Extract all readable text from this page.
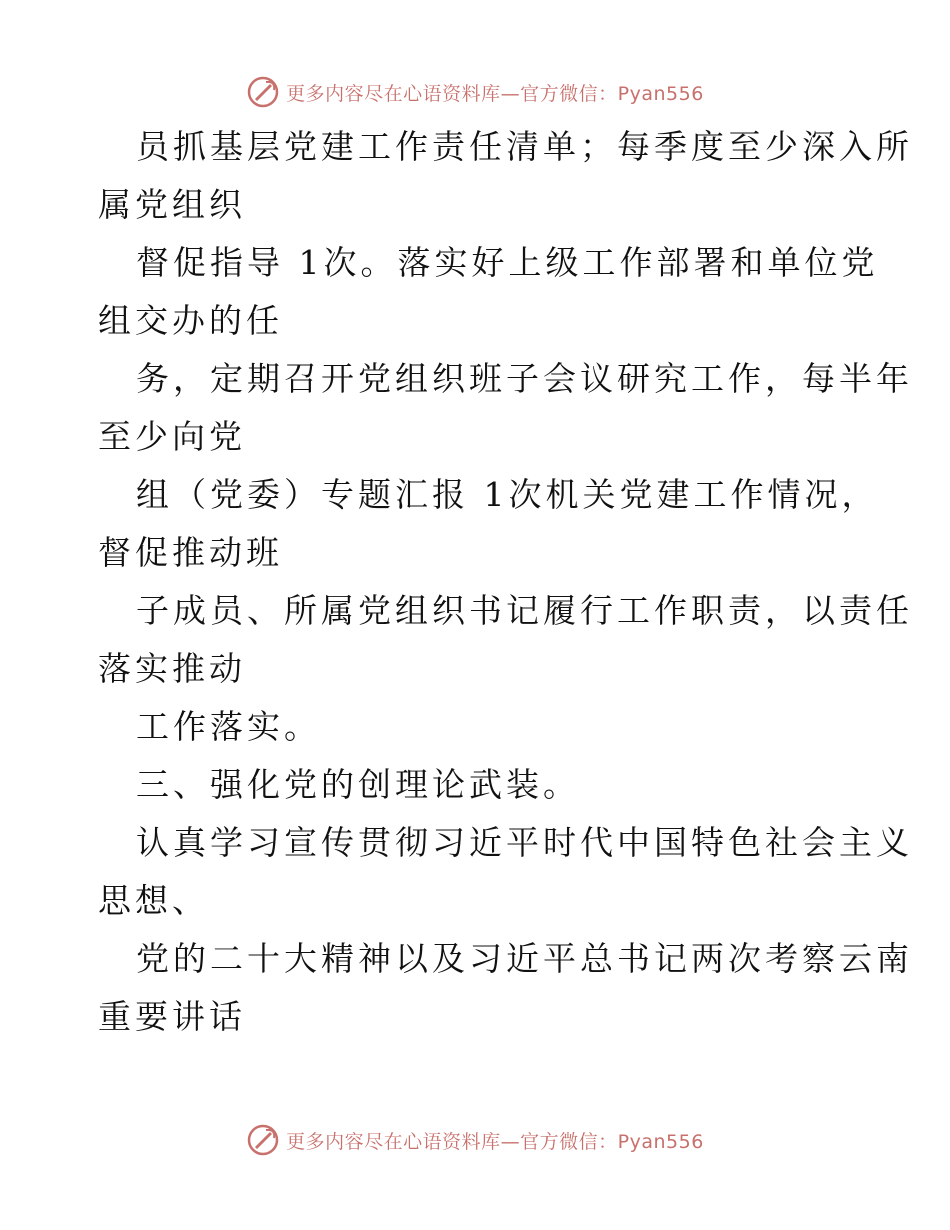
更多内容尽在心语资料库—官方微信：Pyan556

员抓基层党建工作责任清单；每季度至少深入所

属党组织

督促指导 1次。落实好上级工作部署和单位党

组交办的任

务，定期召开党组织班子会议研究工作，每半年

至少向党

组（党委）专题汇报 1次机关党建工作情况，

督促推动班

子成员、所属党组织书记履行工作职责，以责任

落实推动

工作落实。

三、强化党的创理论武装。

认真学习宣传贯彻习近平时代中国特色社会主义

思想、

党的二十大精神以及习近平总书记两次考察云南

重要讲话

更多内容尽在心语资料库—官方微信：Pyan556
